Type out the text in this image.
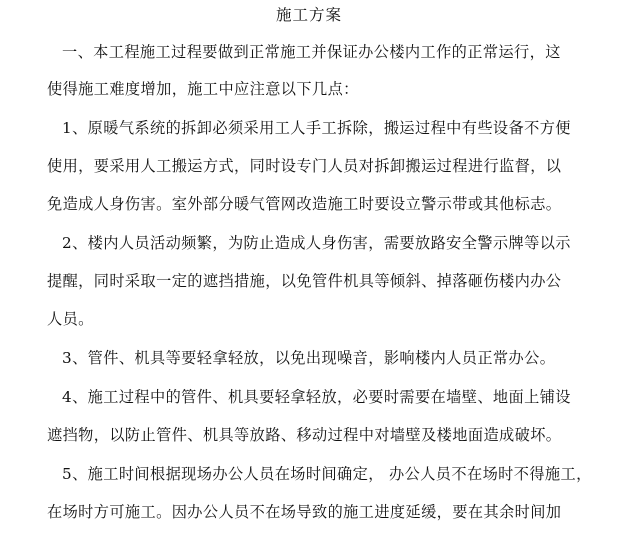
施工方案
一、本工程施工过程要做到正常施工并保证办公楼内工作的正常运行，这
使得施工难度增加，施工中应注意以下几点：
1、原暖气系统的拆卸必须采用工人手工拆除，搬运过程中有些设备不方便
使用，要采用人工搬运方式，同时设专门人员对拆卸搬运过程进行监督，以
免造成人身伤害。室外部分暖气管网改造施工时要设立警示带或其他标志。
2、楼内人员活动频繁，为防止造成人身伤害，需要放路安全警示牌等以示
提醒，同时采取一定的遮挡措施，以免管件机具等倾斜、掉落砸伤楼内办公
人员。
3、管件、机具等要轻拿轻放，以免出现噪音，影响楼内人员正常办公。
4、施工过程中的管件、机具要轻拿轻放，必要时需要在墙壁、地面上铺设
遮挡物，以防止管件、机具等放路、移动过程中对墙壁及楼地面造成破坏。
5、施工时间根据现场办公人员在场时间确定， 办公人员不在场时不得施工，
在场时方可施工。因办公人员不在场导致的施工进度延缓，要在其余时间加
